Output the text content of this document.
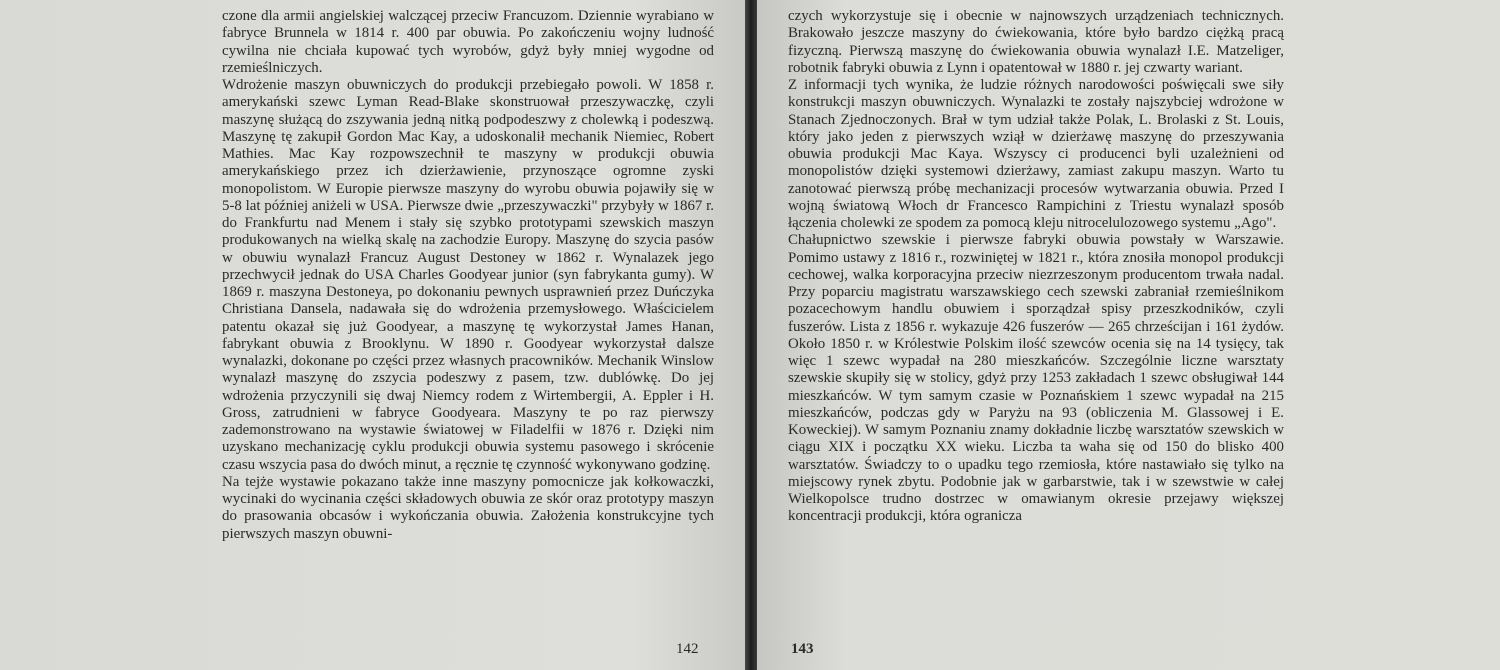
czone dla armii angielskiej walczącej przeciw Francuzom. Dziennie wyrabiano w fabryce Brunnela w 1814 r. 400 par obuwia. Po zakończeniu wojny ludność cywilna nie chciała kupować tych wyrobów, gdyż były mniej wygodne od rzemieślniczych.

Wdrożenie maszyn obuwniczych do produkcji przebiegało powoli. W 1858 r. amerykański szewc Lyman Read-Blake skonstruował przeszywaczkę, czyli maszynę służącą do zszywania jedną nitką podpodeszwy z cholewką i podeszwą. Maszynę tę zakupił Gordon Mac Kay, a udoskonalił mechanik Niemiec, Robert Mathies. Mac Kay rozpowszechnił te maszyny w produkcji obuwia amerykańskiego przez ich dzierżawienie, przynoszące ogromne zyski monopolistom. W Europie pierwsze maszyny do wyrobu obuwia pojawiły się w 5-8 lat później aniżeli w USA. Pierwsze dwie „przeszywaczki" przybyły w 1867 r. do Frankfurtu nad Menem i stały się szybko prototypami szewskich maszyn produkowanych na wielką skalę na zachodzie Europy. Maszynę do szycia pasów w obuwiu wynalazł Francuz August Destoney w 1862 r. Wynalazek jego przechwycił jednak do USA Charles Goodyear junior (syn fabrykanta gumy). W 1869 r. maszyna Destoneya, po dokonaniu pewnych usprawnień przez Duńczyka Christiana Dansela, nadawała się do wdrożenia przemysłowego. Właścicielem patentu okazał się już Goodyear, a maszynę tę wykorzystał James Hanan, fabrykant obuwia z Brooklynu. W 1890 r. Goodyear wykorzystał dalsze wynalazki, dokonane po części przez własnych pracowników. Mechanik Winslow wynalazł maszynę do zszycia podeszwy z pasem, tzw. dublówkę. Do jej wdrożenia przyczynili się dwaj Niemcy rodem z Wirtembergii, A. Eppler i H. Gross, zatrudnieni w fabryce Goodyeara. Maszyny te po raz pierwszy zademonstrowano na wystawie światowej w Filadelfii w 1876 r. Dzięki nim uzyskano mechanizację cyklu produkcji obuwia systemu pasowego i skrócenie czasu wszycia pasa do dwóch minut, a ręcznie tę czynność wykonywano godzinę.

Na tejże wystawie pokazano także inne maszyny pomocnicze jak kołkowaczki, wycinaki do wycinania części składowych obuwia ze skór oraz prototypy maszyn do prasowania obcasów i wykończania obuwia. Założenia konstrukcyjne tych pierwszych maszyn obuwni-

142

czych wykorzystuje się i obecnie w najnowszych urządzeniach technicznych. Brakowało jeszcze maszyny do ćwiekowania, które było bardzo ciężką pracą fizyczną. Pierwszą maszynę do ćwiekowania obuwia wynalazł I.E. Matzeliger, robotnik fabryki obuwia z Lynn i opatentował w 1880 r. jej czwarty wariant.

Z informacji tych wynika, że ludzie różnych narodowości poświęcali swe siły konstrukcji maszyn obuwniczych. Wynalazki te zostały najszybciej wdrożone w Stanach Zjednoczonych. Brał w tym udział także Polak, L. Brolaski z St. Louis, który jako jeden z pierwszych wziął w dzierżawę maszynę do przeszywania obuwia produkcji Mac Kaya. Wszyscy ci producenci byli uzależnieni od monopolistów dzięki systemowi dzierżawy, zamiast zakupu maszyn. Warto tu zanotować pierwszą próbę mechanizacji procesów wytwarzania obuwia. Przed I wojną światową Włoch dr Francesco Rampichini z Triestu wynalazł sposób łączenia cholewki ze spodem za pomocą kleju nitrocelulozowego systemu „Ago".

Chałupnictwo szewskie i pierwsze fabryki obuwia powstały w Warszawie. Pomimo ustawy z 1816 r., rozwiniętej w 1821 r., która znosiła monopol produkcji cechowej, walka korporacyjna przeciw niezrzeszonym producentom trwała nadal. Przy poparciu magistratu warszawskiego cech szewski zabraniał rzemieślnikom pozacechowym handlu obuwiem i sporządzał spisy przeszkodników, czyli fuszerów. Lista z 1856 r. wykazuje 426 fuszerów — 265 chrześcijan i 161 żydów. Około 1850 r. w Królestwie Polskim ilość szewców ocenia się na 14 tysięcy, tak więc 1 szewc wypadał na 280 mieszkańców. Szczególnie liczne warsztaty szewskie skupiły się w stolicy, gdyż przy 1253 zakładach 1 szewc obsługiwał 144 mieszkańców. W tym samym czasie w Poznańskiem 1 szewc wypadał na 215 mieszkańców, podczas gdy w Paryżu na 93 (obliczenia M. Glassowej i E. Koweckiej). W samym Poznaniu znamy dokładnie liczbę warsztatów szewskich w ciągu XIX i początku XX wieku. Liczba ta waha się od 150 do blisko 400 warsztatów. Świadczy to o upadku tego rzemiosła, które nastawiało się tylko na miejscowy rynek zbytu. Podobnie jak w garbarstwie, tak i w szewstwie w całej Wielkopolsce trudno dostrzec w omawianym okresie przejawy większej koncentracji produkcji, która ogranicza

143
